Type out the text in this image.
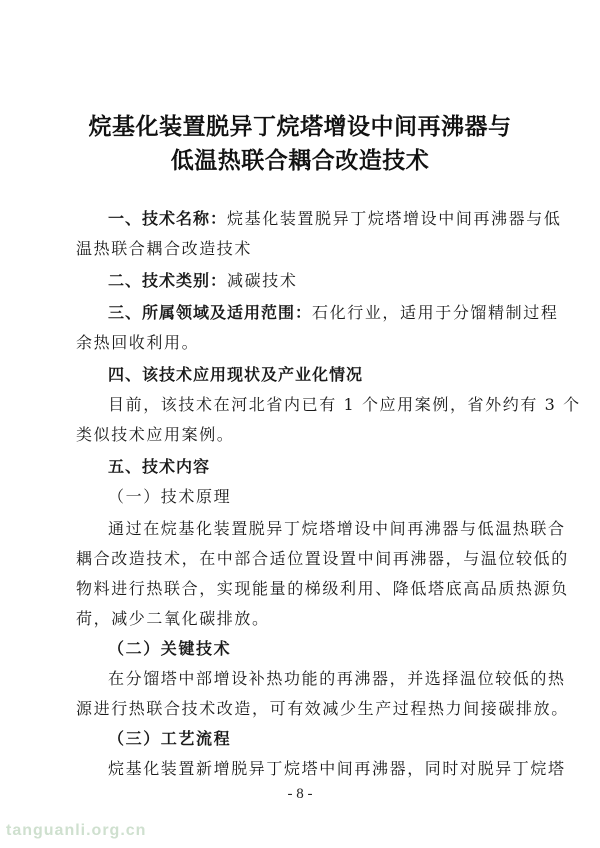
烷基化装置脱异丁烷塔增设中间再沸器与
低温热联合耦合改造技术
一、技术名称：烷基化装置脱异丁烷塔增设中间再沸器与低
温热联合耦合改造技术
二、技术类别：减碳技术
三、所属领域及适用范围：石化行业，适用于分馏精制过程
余热回收利用。
四、该技术应用现状及产业化情况
目前，该技术在河北省内已有 1 个应用案例，省外约有 3 个
类似技术应用案例。
五、技术内容
（一）技术原理
通过在烷基化装置脱异丁烷塔增设中间再沸器与低温热联合
耦合改造技术，在中部合适位置设置中间再沸器，与温位较低的
物料进行热联合，实现能量的梯级利用、降低塔底高品质热源负
荷，减少二氧化碳排放。
（二）关键技术
在分馏塔中部增设补热功能的再沸器，并选择温位较低的热
源进行热联合技术改造，可有效减少生产过程热力间接碳排放。
（三）工艺流程
烷基化装置新增脱异丁烷塔中间再沸器，同时对脱异丁烷塔
- 8 -
tanguanli.org.cn
